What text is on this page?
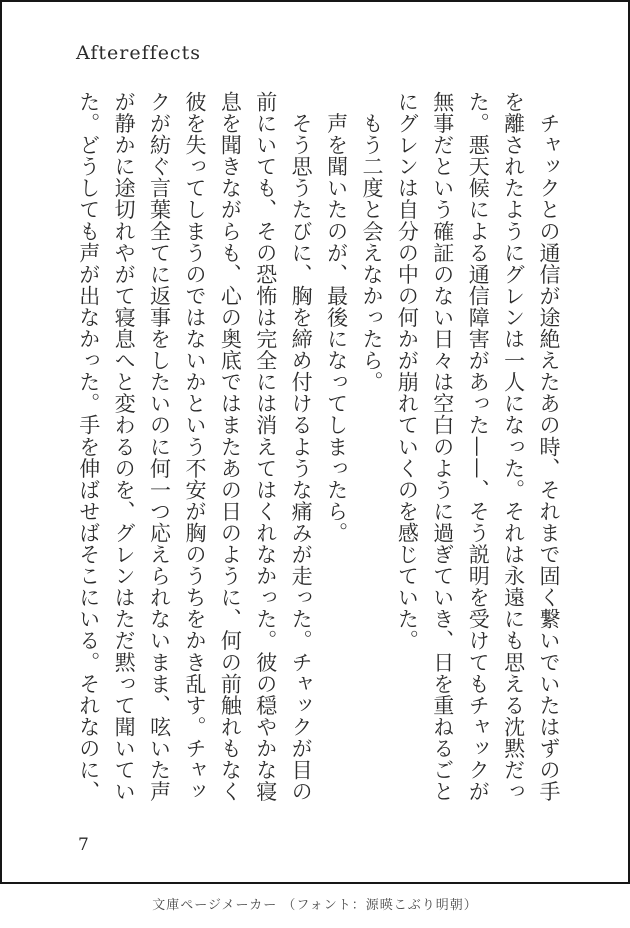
Aftereffects
　チャックとの通信が途絶えたあの時、それまで固く繋いでいたはずの手
を離されたようにグレンは一人になった。それは永遠にも思える沈黙だっ
た。悪天候による通信障害があった——、そう説明を受けてもチャックが
無事だという確証のない日々は空白のように過ぎていき、日を重ねるごと
にグレンは自分の中の何かが崩れていくのを感じていた。
　もう二度と会えなかったら。
　声を聞いたのが、最後になってしまったら。
　そう思うたびに、胸を締め付けるような痛みが走った。チャックが目の
前にいても、その恐怖は完全には消えてはくれなかった。彼の穏やかな寝
息を聞きながらも、心の奥底ではまたあの日のように、何の前触れもなく
彼を失ってしまうのではないかという不安が胸のうちをかき乱す。チャッ
クが紡ぐ言葉全てに返事をしたいのに何一つ応えられないまま、呟いた声
が静かに途切れやがて寝息へと変わるのを、グレンはただ黙って聞いてい
た。どうしても声が出なかった。手を伸ばせばそこにいる。それなのに、
7
文庫ページメーカー （フォント：源暎こぶり明朝）
